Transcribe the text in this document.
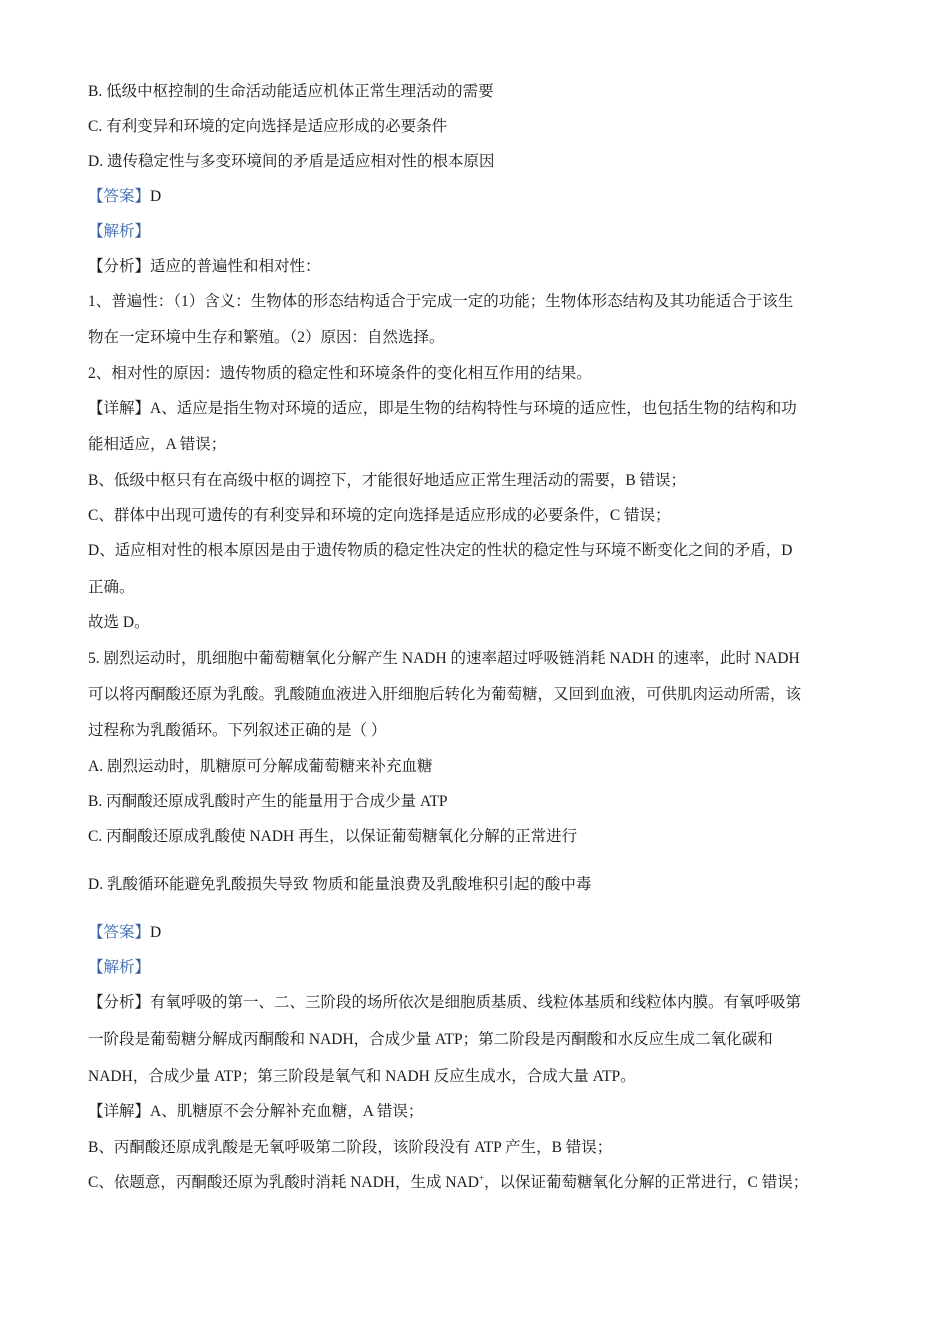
B. 低级中枢控制的生命活动能适应机体正常生理活动的需要
C. 有利变异和环境的定向选择是适应形成的必要条件
D. 遗传稳定性与多变环境间的矛盾是适应相对性的根本原因
【答案】D
【解析】
【分析】适应的普遍性和相对性：
1、普遍性：（1）含义：生物体的形态结构适合于完成一定的功能；生物体形态结构及其功能适合于该生
物在一定环境中生存和繁殖。（2）原因：自然选择。
2、相对性的原因：遗传物质的稳定性和环境条件的变化相互作用的结果。
【详解】A、适应是指生物对环境的适应，即是生物的结构特性与环境的适应性，也包括生物的结构和功
能相适应，A 错误；
B、低级中枢只有在高级中枢的调控下，才能很好地适应正常生理活动的需要，B 错误；
C、群体中出现可遗传的有利变异和环境的定向选择是适应形成的必要条件，C 错误；
D、适应相对性的根本原因是由于遗传物质的稳定性决定的性状的稳定性与环境不断变化之间的矛盾，D
正确。
故选 D。
5. 剧烈运动时，肌细胞中葡萄糖氧化分解产生 NADH 的速率超过呼吸链消耗 NADH 的速率，此时 NADH
可以将丙酮酸还原为乳酸。乳酸随血液进入肝细胞后转化为葡萄糖，又回到血液，可供肌肉运动所需，该
过程称为乳酸循环。下列叙述正确的是（ ）
A. 剧烈运动时，肌糖原可分解成葡萄糖来补充血糖
B. 丙酮酸还原成乳酸时产生的能量用于合成少量 ATP
C. 丙酮酸还原成乳酸使 NADH 再生，以保证葡萄糖氧化分解的正常进行
D. 乳酸循环能避免乳酸损失导致 物质和能量浪费及乳酸堆积引起的酸中毒
【答案】D
【解析】
【分析】有氧呼吸的第一、二、三阶段的场所依次是细胞质基质、线粒体基质和线粒体内膜。有氧呼吸第
一阶段是葡萄糖分解成丙酮酸和 NADH，合成少量 ATP；第二阶段是丙酮酸和水反应生成二氧化碳和
NADH，合成少量 ATP；第三阶段是氧气和 NADH 反应生成水，合成大量 ATP。
【详解】A、肌糖原不会分解补充血糖，A 错误；
B、丙酮酸还原成乳酸是无氧呼吸第二阶段，该阶段没有 ATP 产生，B 错误；
C、依题意，丙酮酸还原为乳酸时消耗 NADH，生成 NAD+，以保证葡萄糖氧化分解的正常进行，C 错误；
